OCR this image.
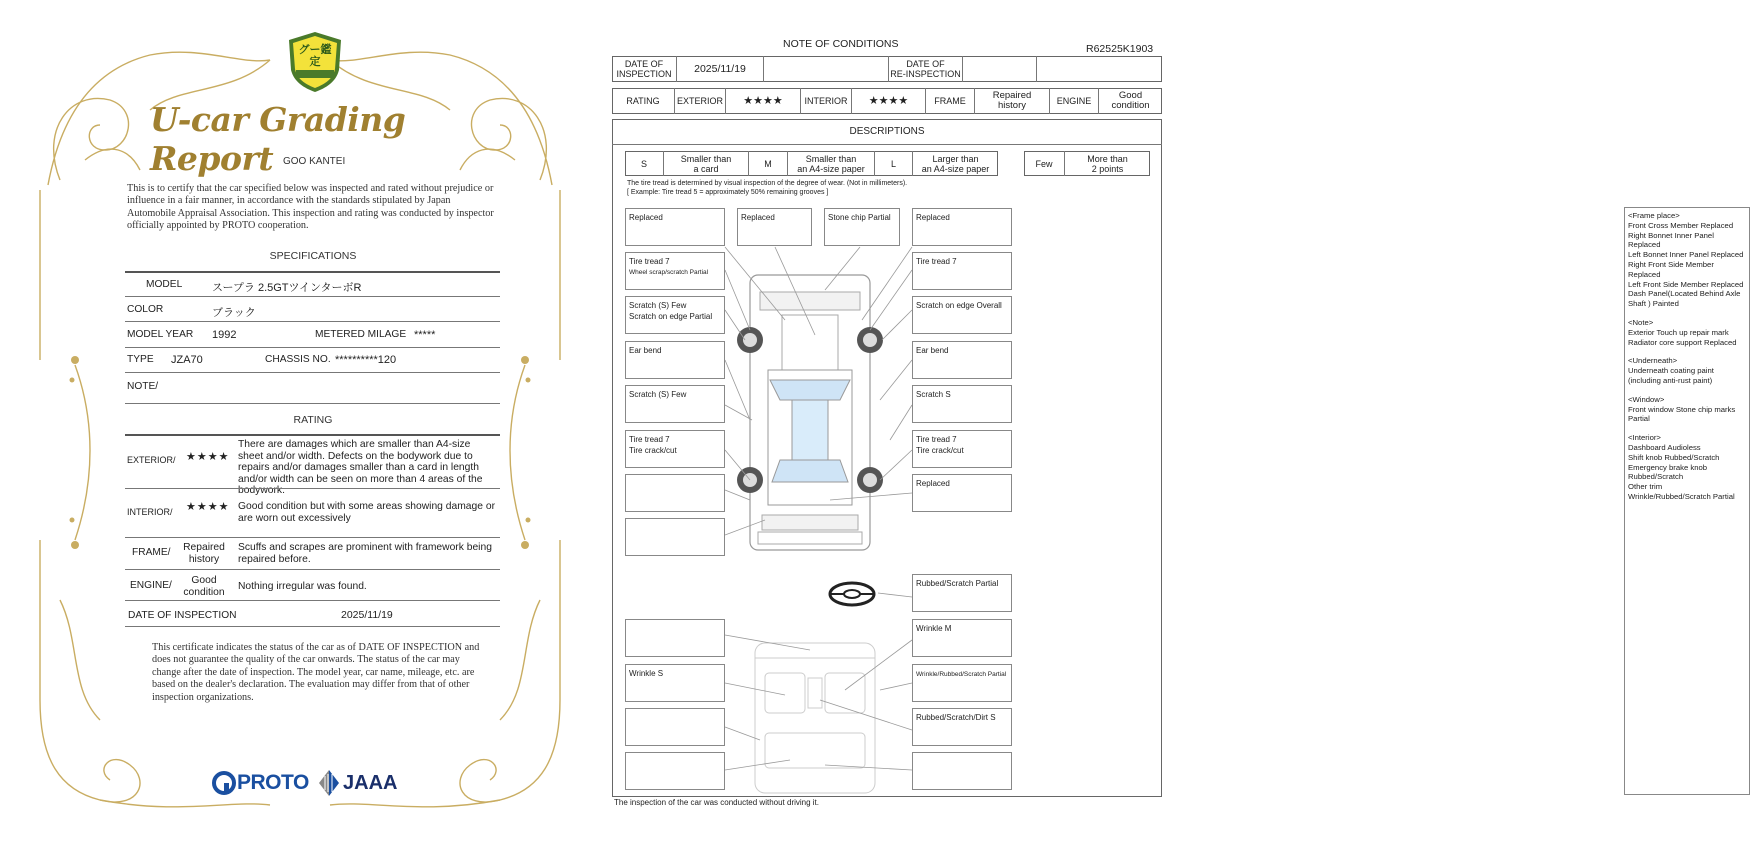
グー鑑定
U-car Grading Report GOO KANTEI
This is to certify that the car specified below was inspected and rated without prejudice or influence in a fair manner, in accordance with the standards stipulated by Japan Automobile Appraisal Association. This inspection and rating was conducted by inspector officially appointed by PROTO cooperation.
SPECIFICATIONS
MODEL	スープラ 2.5GTツインターボR
COLOR	ブラック
MODEL YEAR 1992	METERED MILAGE *****
TYPE JZA70	CHASSIS NO. **********120
NOTE/
RATING
EXTERIOR/ ★★★★
There are damages which are smaller than A4-size sheet and/or width. Defects on the bodywork due to repairs and/or damages smaller than a card in length and/or width can be seen on more than 4 areas of the bodywork.
INTERIOR/ ★★★★ Good condition but with some areas showing damage or are worn out excessively
FRAME/	Repaired
history
Scuffs and scrapes are prominent with framework being repaired before.
ENGINE/	Good
condition
Nothing irregular was found.
DATE OF INSPECTION	2025/11/19
This certificate indicates the status of the car as of DATE OF INSPECTION and does not guarantee the quality of the car onwards. The status of the car may change after the date of inspection. The model year, car name, mileage, etc. are based on the dealer's declaration. The evaluation may differ from that of other inspection organizations.
PROTO JAAA
NOTE OF CONDITIONS	R62525K1903
DATE OF
INSPECTION	2025/11/19	DATE OF
RE-INSPECTION
RATING	EXTERIOR	★★★★	INTERIOR	★★★★	FRAME	Repaired
history	ENGINE	Good
condition
DESCRIPTIONS
S	Smaller than
a card	M	Smaller than
an A4-size paper	L	Larger than
an A4-size paper	Few	More than
2 points
The tire tread is determined by visual inspection of the degree of wear. (Not in millimeters).
[ Example: Tire tread 5 = approximately 50% remaining grooves ]
Replaced
Tire tread 7
Wheel scrap/scratch Partial
Scratch (S) Few
Scratch on edge Partial
Ear bend
Scratch (S) Few
Tire tread 7
Tire crack/cut
Replaced	Stone chip Partial	Replaced
Tire tread 7
Scratch on edge Overall
Ear bend
Scratch S
Tire tread 7
Tire crack/cut
Replaced
Rubbed/Scratch Partial
Wrinkle M
Wrinkle/Rubbed/Scratch Partial
Rubbed/Scratch/Dirt S
Wrinkle S

<Frame place>
Front Cross Member Replaced
Right Bonnet Inner Panel Replaced
Left Bonnet Inner Panel Replaced
Right Front Side Member Replaced
Left Front Side Member Replaced
Dash Panel(Located Behind Axle Shaft ) Painted

<Note>
Exterior Touch up repair mark
Radiator core support Replaced

<Underneath>
Underneath coating paint (including anti-rust paint)

<Window>
Front window Stone chip marks Partial

<Interior>
Dashboard Audioless
Shift knob Rubbed/Scratch
Emergency brake knob Rubbed/Scratch
Other trim Wrinkle/Rubbed/Scratch Partial

The inspection of the car was conducted without driving it.
